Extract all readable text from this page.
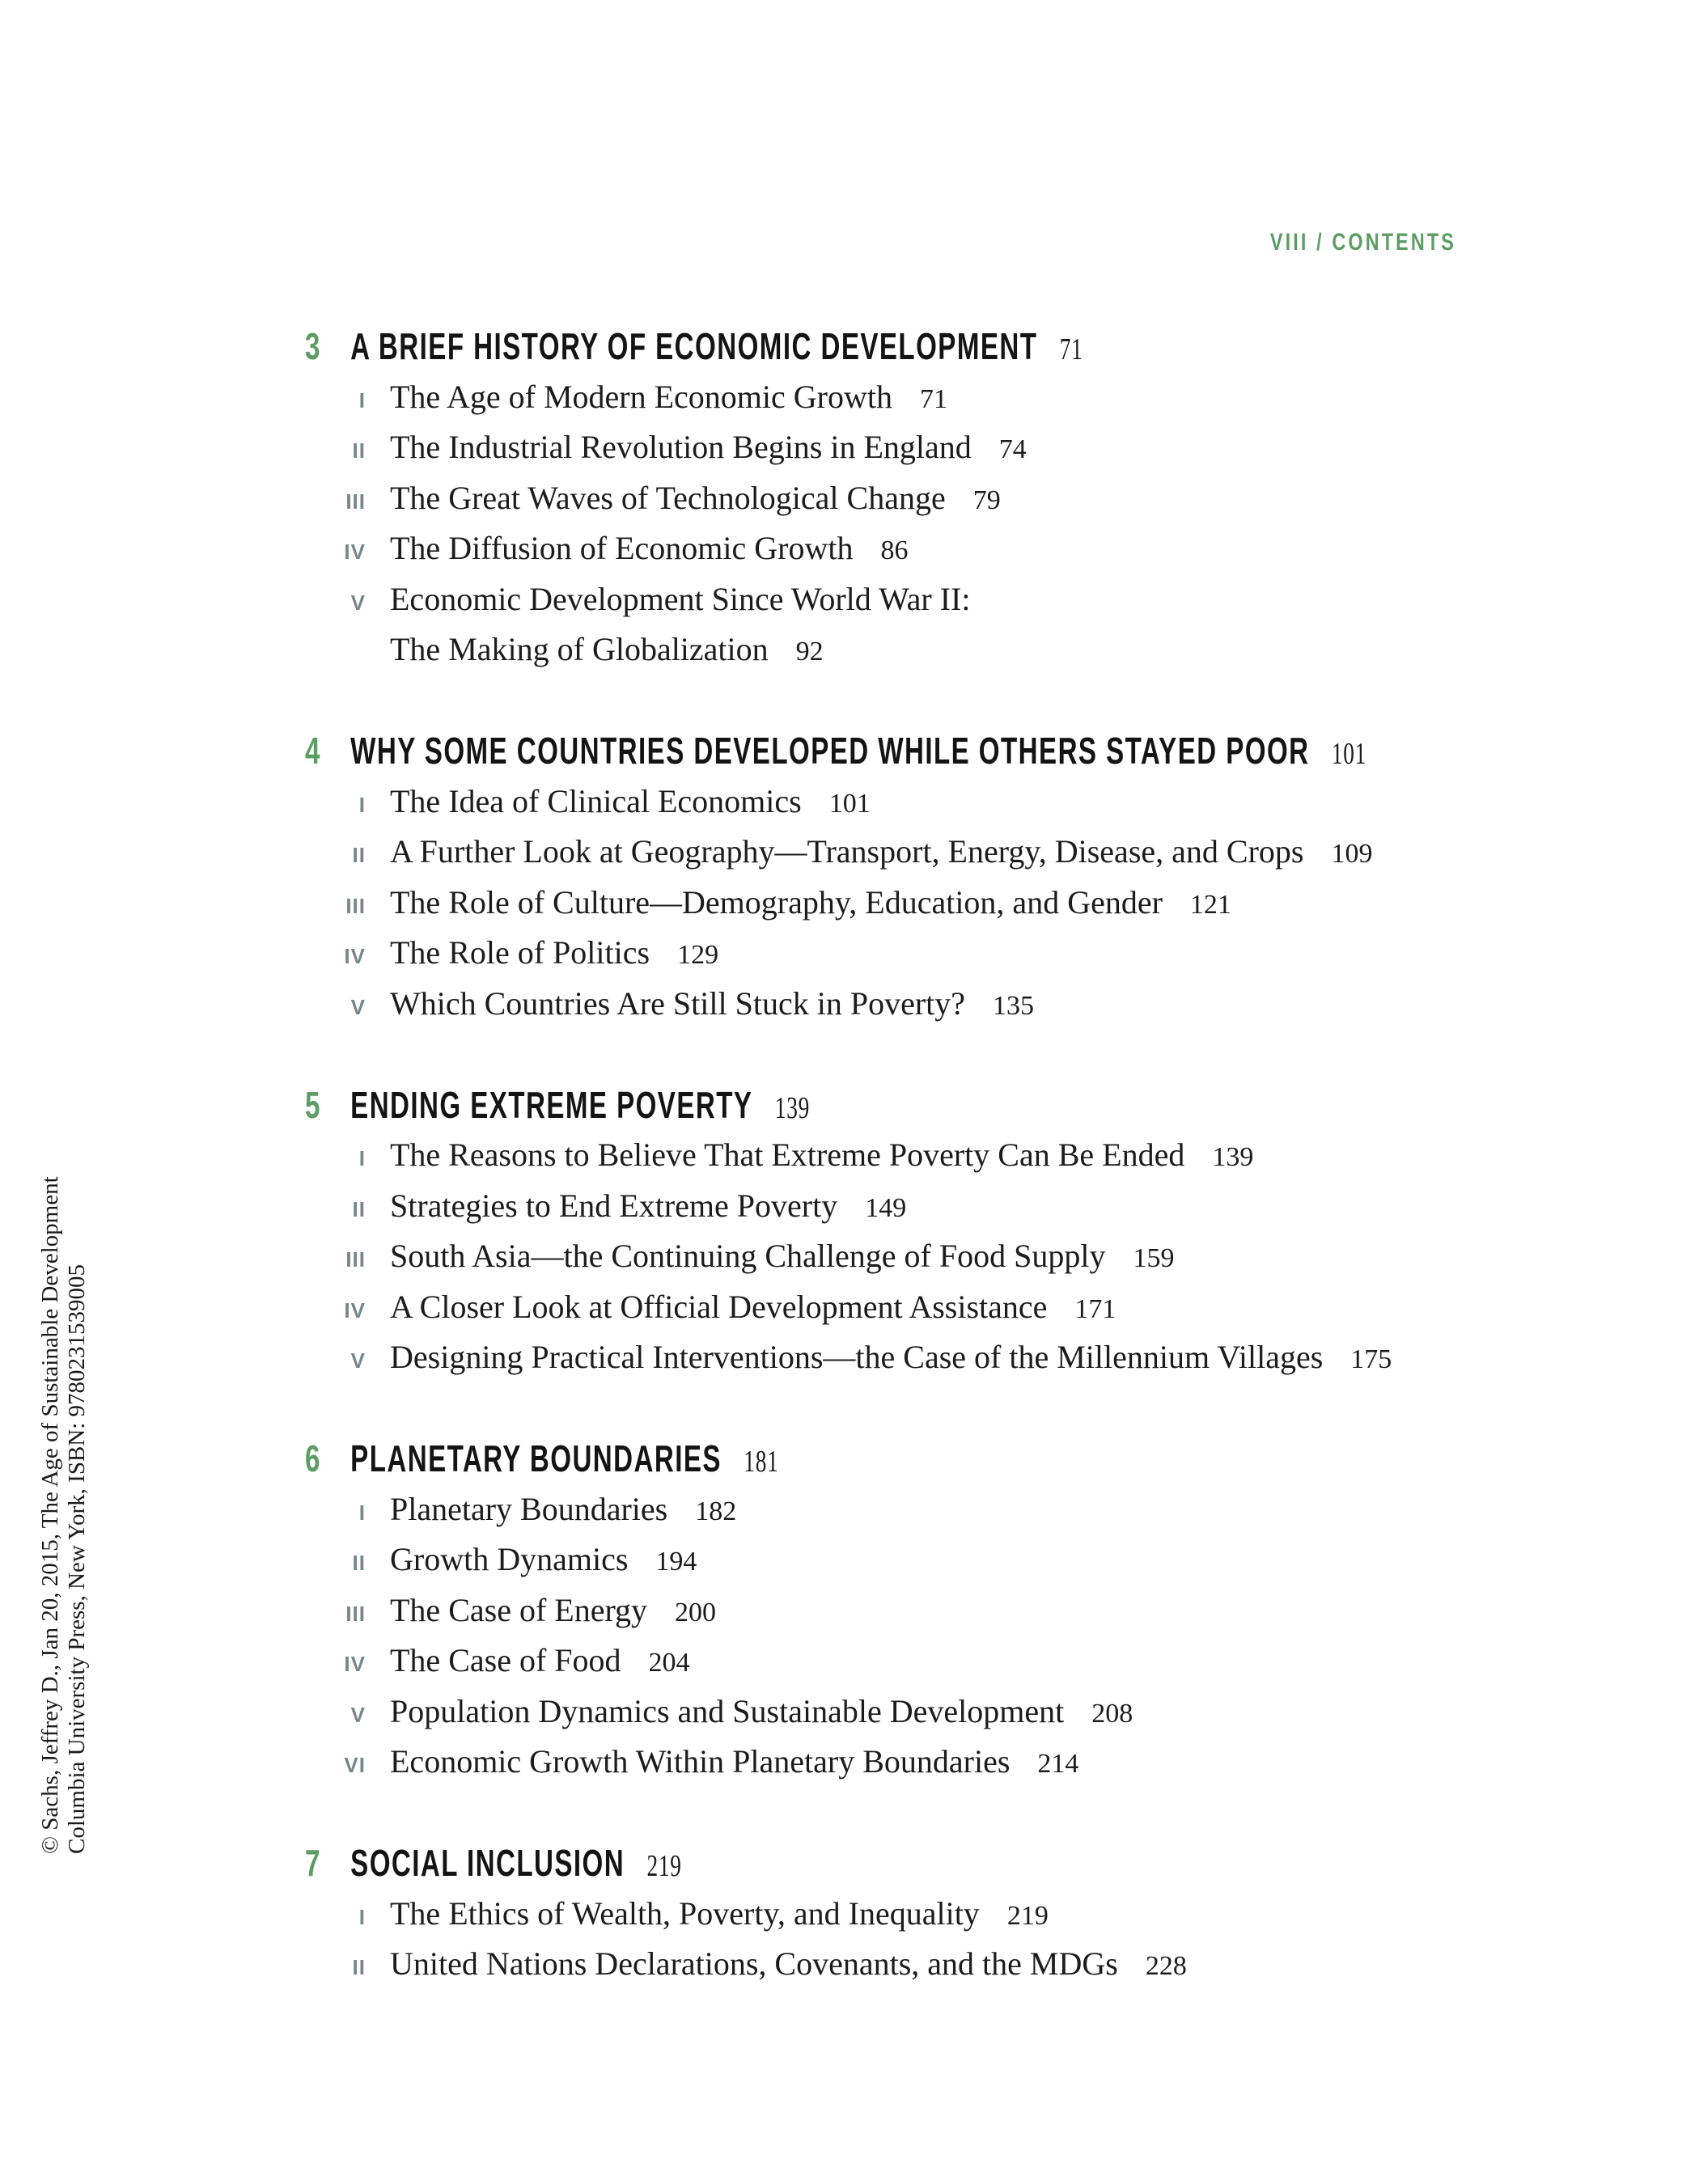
VIII / CONTENTS
© Sachs, Jeffrey D., Jan 20, 2015, The Age of Sustainable Development Columbia University Press, New York, ISBN: 9780231539005
3 A BRIEF HISTORY OF ECONOMIC DEVELOPMENT 71
I The Age of Modern Economic Growth 71
II The Industrial Revolution Begins in England 74
III The Great Waves of Technological Change 79
IV The Diffusion of Economic Growth 86
V Economic Development Since World War II:
The Making of Globalization 92
4 WHY SOME COUNTRIES DEVELOPED WHILE OTHERS STAYED POOR 101
I The Idea of Clinical Economics 101
II A Further Look at Geography—Transport, Energy, Disease, and Crops 109
III The Role of Culture—Demography, Education, and Gender 121
IV The Role of Politics 129
V Which Countries Are Still Stuck in Poverty? 135
5 ENDING EXTREME POVERTY 139
I The Reasons to Believe That Extreme Poverty Can Be Ended 139
II Strategies to End Extreme Poverty 149
III South Asia—the Continuing Challenge of Food Supply 159
IV A Closer Look at Official Development Assistance 171
V Designing Practical Interventions—the Case of the Millennium Villages 175
6 PLANETARY BOUNDARIES 181
I Planetary Boundaries 182
II Growth Dynamics 194
III The Case of Energy 200
IV The Case of Food 204
V Population Dynamics and Sustainable Development 208
VI Economic Growth Within Planetary Boundaries 214
7 SOCIAL INCLUSION 219
I The Ethics of Wealth, Poverty, and Inequality 219
II United Nations Declarations, Covenants, and the MDGs 228
